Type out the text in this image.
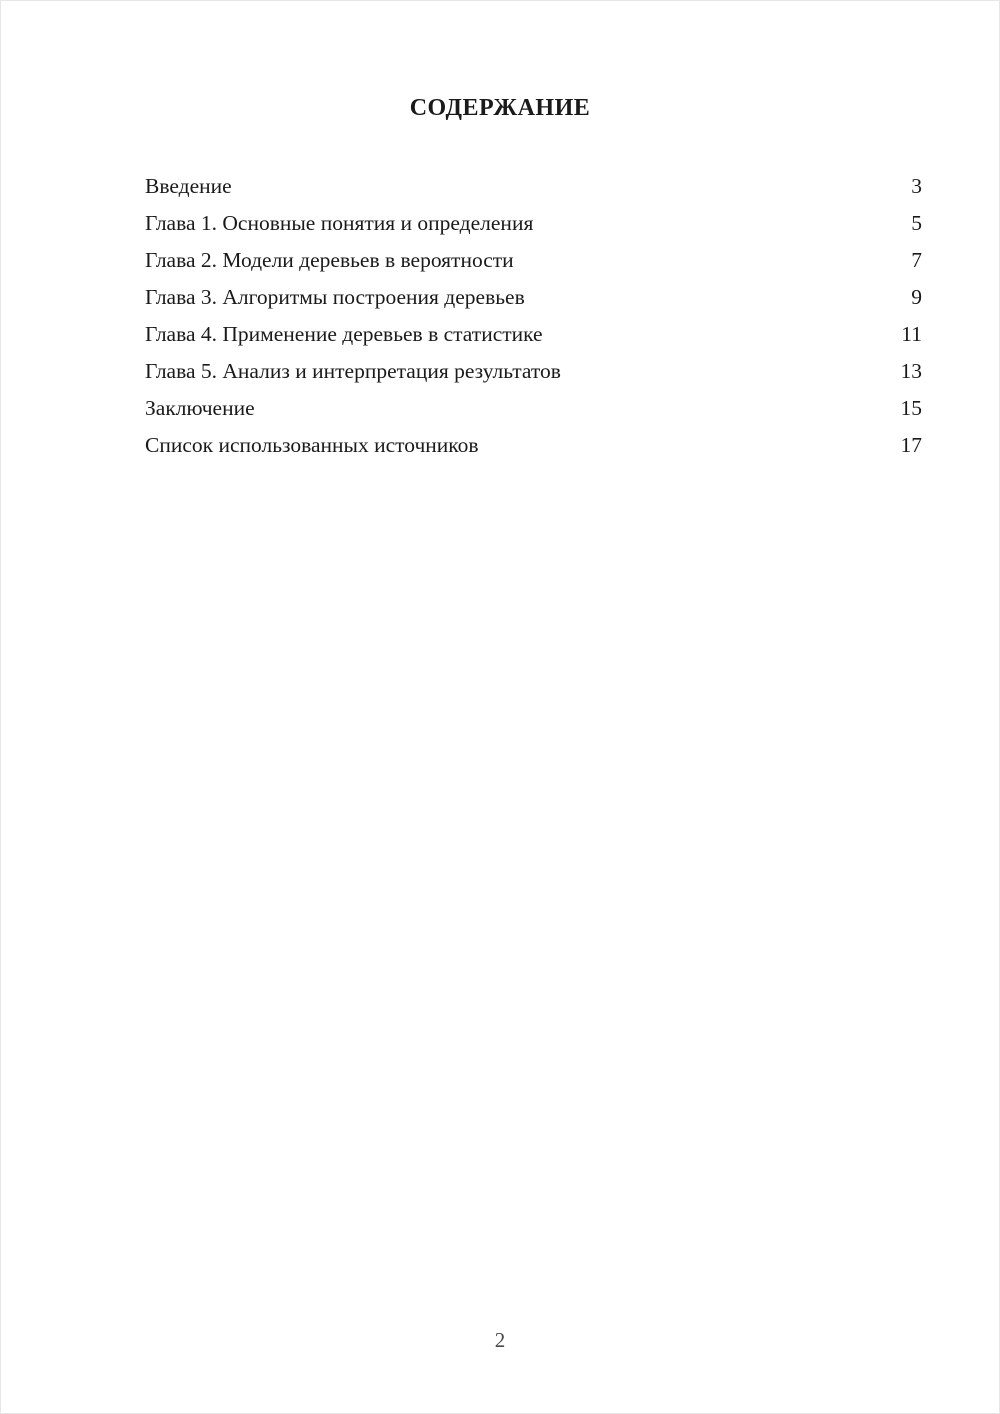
СОДЕРЖАНИЕ
Введение	3
Глава 1. Основные понятия и определения	5
Глава 2. Модели деревьев в вероятности	7
Глава 3. Алгоритмы построения деревьев	9
Глава 4. Применение деревьев в статистике	11
Глава 5. Анализ и интерпретация результатов	13
Заключение	15
Список использованных источников	17
2
